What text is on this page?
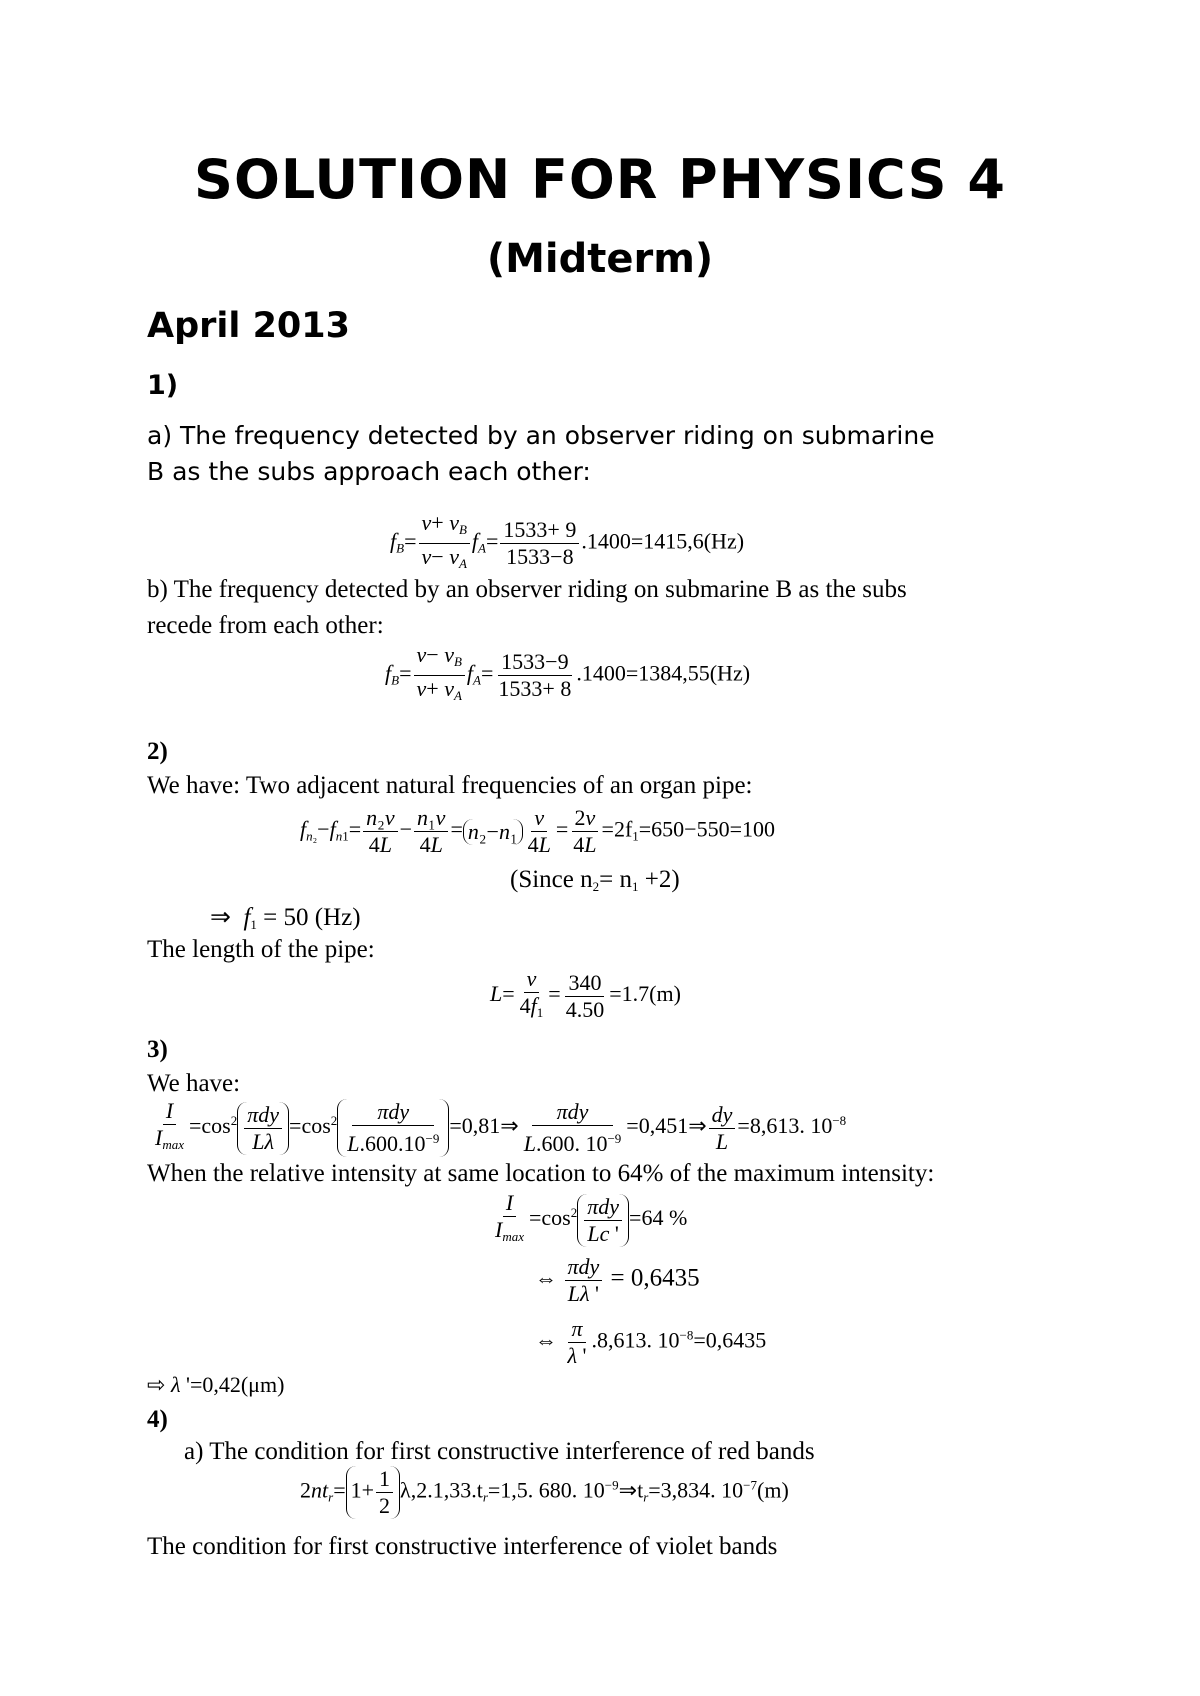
SOLUTION FOR PHYSICS 4
(Midterm)
April 2013
1)
a) The frequency detected by an observer riding on submarine
B as the subs approach each other:
$f_B= \frac{v+ v_B}{v- v_A} f_A= \frac{1533+ 9}{1533-8} .1400=1415,6(Hz)$
b) The frequency detected by an observer riding on submarine B as the subs
recede from each other:
$f_B= \frac{v- v_B}{v+ v_A} f_A= \frac{1533-9}{1533+ 8} .1400=1384,55(Hz)$
2)
We have: Two adjacent natural frequencies of an organ pipe:
$f_{n_2}-f_{n1}= \frac{\text{n₂v}}{4L} - \frac{\text{n₁v}}{4L} = n_2-n_1 \frac{v}{4L} = \frac{2v}{4L} =2f_1=650-550=100$
(Since $n_2= n_1 +2$)
⇒ $f_1 = 50$ (Hz)
The length of the pipe:
$L= \frac{v}{4f_1} = \frac{340}{4.50} =1.7(m)$
3)
We have:
$\frac{I}{I_{max}} =\cos^2 \frac{\text{πdy}}{L\lambda} =\cos^2 \frac{\text{πdy}}{L.600.10^{-9}}$ =0,81⇒ $\frac{\text{πdy}}{L.600. 10^{-9}}$ =0,451⇒ $\frac{dy}{L} =8,613$. $10^{-8}$
When the relative intensity at same location to 64% of the maximum intensity:
$\frac{I}{I_{max}} =\cos^2 \frac{\text{πdy}}{Lc '} =64$ %
⇔ $\frac{\text{πdy}}{L\lambda '} = 0,6435$
⇔ $\frac{\pi}{\lambda '} .8,613$. $10^{-8}=0,6435$
⇨ λ '=0,42(μm)
4)
a) The condition for first constructive interference of red bands
$2nt_r= 1+ \frac{1}{2} \lambda,2.1,33.t_r=1,5$. 680. $10^{-9}\Rightarrow t_r=3,834$. $10^{-7}(m)$
The condition for first constructive interference of violet bands
